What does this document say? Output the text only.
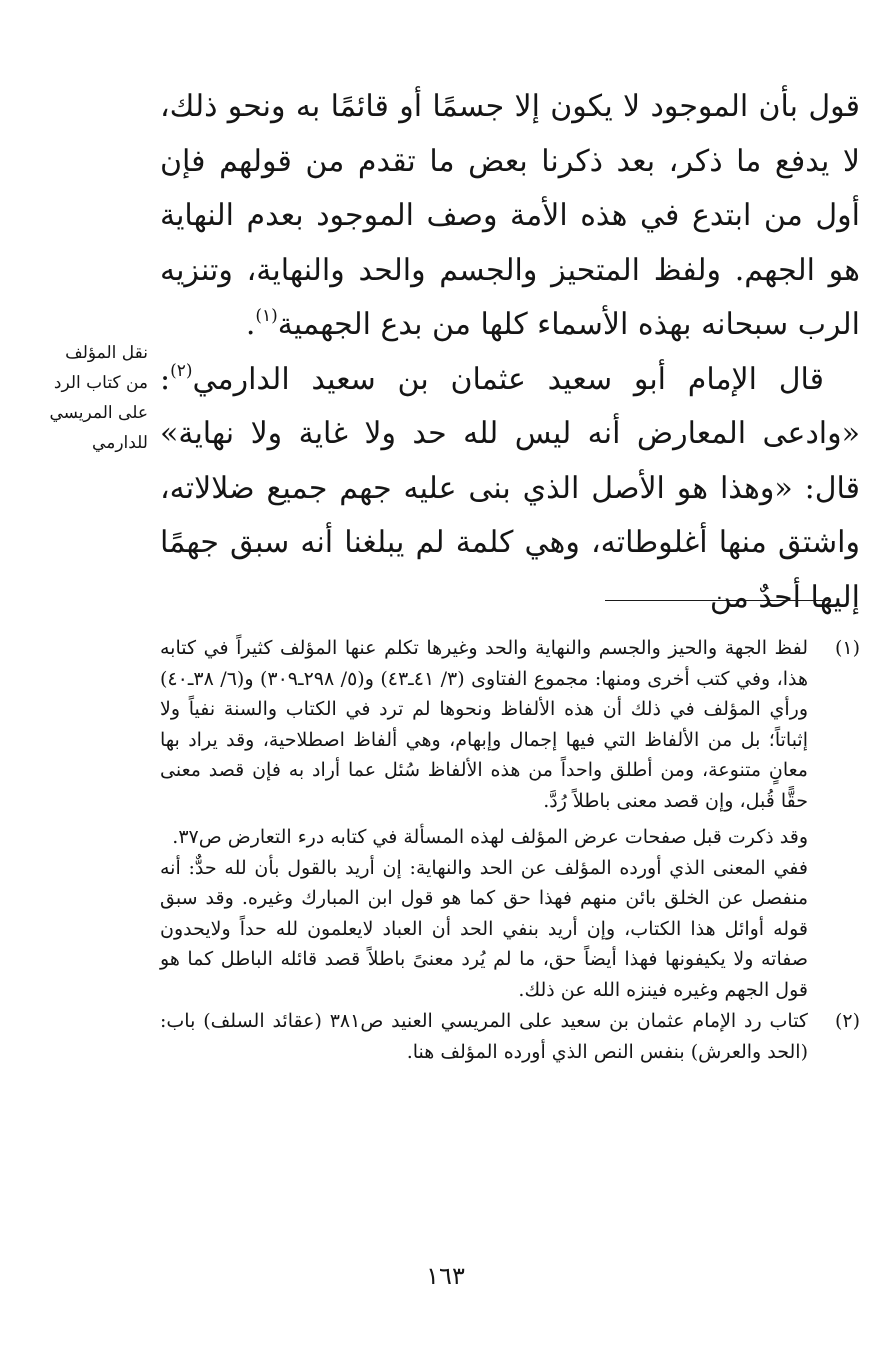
قول بأن الموجود لا يكون إلا جسمًا أو قائمًا به ونحو ذلك، لا يدفع ما ذكر، بعد ذكرنا بعض ما تقدم من قولهم فإن أول من ابتدع في هذه الأمة وصف الموجود بعدم النهاية هو الجهم. ولفظ المتحيز والجسم والحد والنهاية، وتنزيه الرب سبحانه بهذه الأسماء كلها من بدع الجهمية$^{(١)}$.

قال الإمام أبو سعيد عثمان بن سعيد الدارمي$^{(٢)}$: «وادعى المعارض أنه ليس لله حد ولا غاية ولا نهاية» قال: «وهذا هو الأصل الذي بنى عليه جهم جميع ضلالاته، واشتق منها أغلوطاته، وهي كلمة لم يبلغنا أنه سبق جهمًا إليها أحدٌ من

نقل المؤلف
من كتاب الرد
على المريسي
للدارمي
(١)

لفظ الجهة والحيز والجسم والنهاية والحد وغيرها تكلم عنها المؤلف كثيراً في كتابه هذا، وفي كتب أخرى ومنها: مجموع الفتاوى (٣/ ٤١ـ٤٣) و(٥/ ٢٩٨ـ٣٠٩) و(٦/ ٣٨ـ٤٠) ورأي المؤلف في ذلك أن هذه الألفاظ ونحوها لم ترد في الكتاب والسنة نفياً ولا إثباتاً؛ بل من الألفاظ التي فيها إجمال وإبهام، وهي ألفاظ اصطلاحية، وقد يراد بها معانٍ متنوعة، ومن أطلق واحداً من هذه الألفاظ سُئل عما أراد به فإن قصد معنى حقًّا قُبل، وإن قصد معنى باطلاً رُدَّ.

وقد ذكرت قبل صفحات عرض المؤلف لهذه المسألة في كتابه درء التعارض ص٣٧.

ففي المعنى الذي أورده المؤلف عن الحد والنهاية: إن أريد بالقول بأن لله حدٌّ: أنه منفصل عن الخلق بائن منهم فهذا حق كما هو قول ابن المبارك وغيره. وقد سبق قوله أوائل هذا الكتاب، وإن أريد بنفي الحد أن العباد لايعلمون لله حداً ولايحدون صفاته ولا يكيفونها فهذا أيضاً حق، ما لم يُرد معنىً باطلاً قصد قائله الباطل كما هو قول الجهم وغيره فينزه الله عن ذلك.

(٢)

كتاب رد الإمام عثمان بن سعيد على المريسي العنيد ص٣٨١ (عقائد السلف) باب: (الحد والعرش) بنفس النص الذي أورده المؤلف هنا.

١٦٣
